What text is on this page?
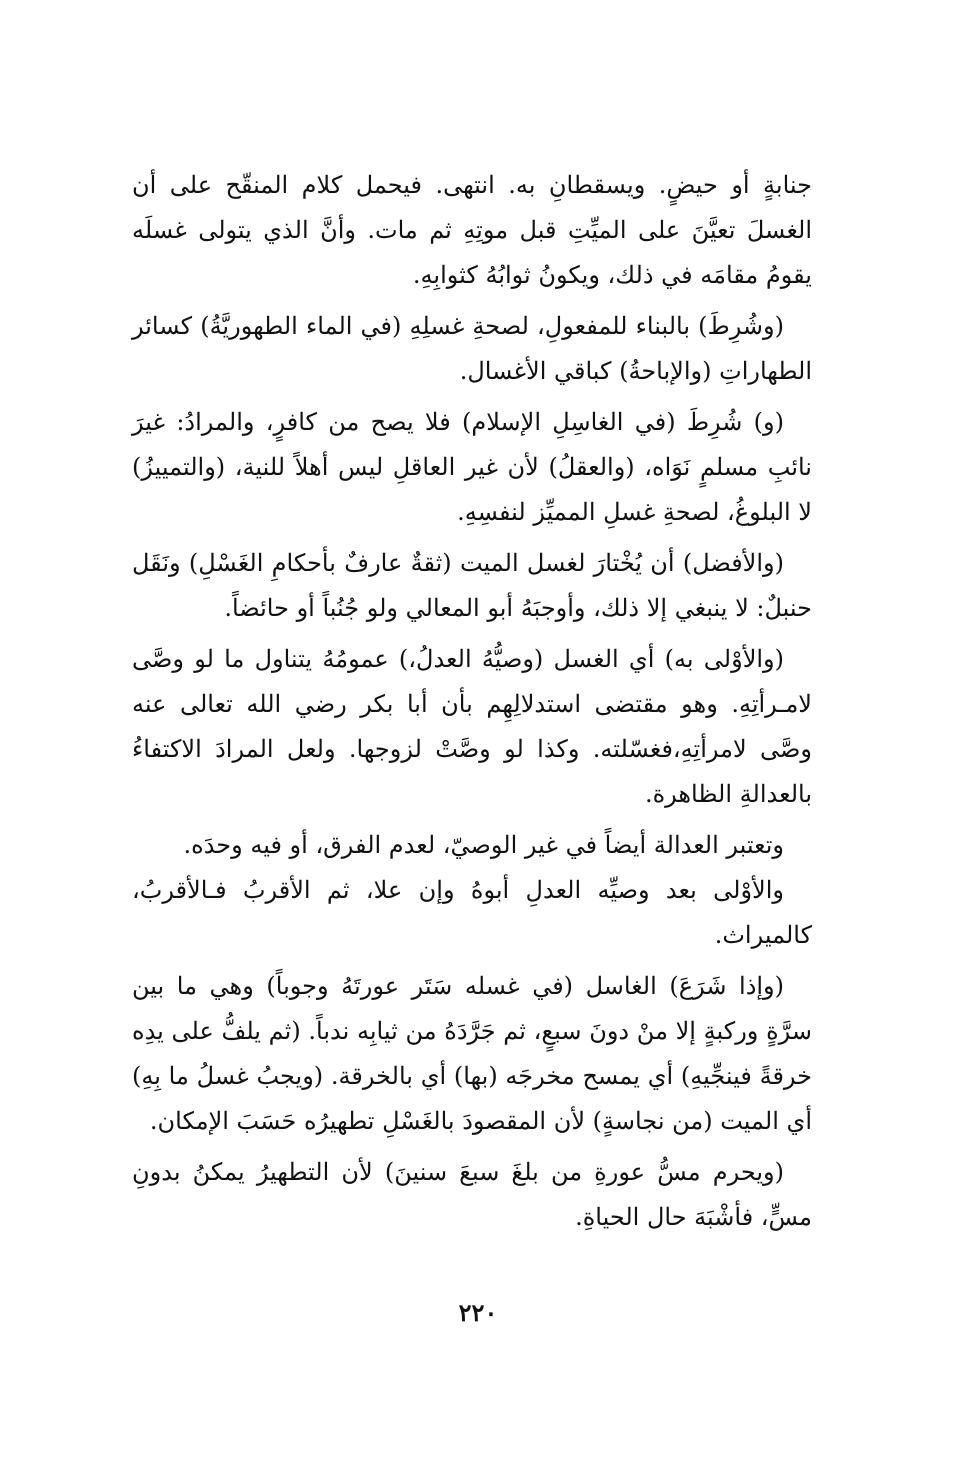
جنابةٍ أو حيضٍ. ويسقطانِ به. انتهى. فيحمل كلام المنقّح على أن الغسلَ تعيَّنَ على الميِّتِ قبل موتِهِ ثم مات. وأنَّ الذي يتولى غسلَه يقومُ مقامَه في ذلك، ويكونُ ثوابُهُ كثوابِهِ.

(وشُرِطَ) بالبناء للمفعولِ، لصحةِ غسلِهِ (في الماء الطهوريَّةُ) كسائر الطهاراتِ (والإباحةُ) كباقي الأغسال.

(و) شُرِطَ (في الغاسِلِ الإسلام) فلا يصح من كافرٍ، والمرادُ: غيرَ نائبِ مسلمٍ نَوَاه، (والعقلُ) لأن غير العاقلِ ليس أهلاً للنية، (والتمييزُ) لا البلوغُ، لصحةِ غسلِ المميِّز لنفسِهِ.

(والأفضل) أن يُخْتارَ لغسل الميت (ثقةٌ عارفٌ بأحكامِ الغَسْلِ) ونَقَل حنبلٌ: لا ينبغي إلا ذلك، وأوجبَهُ أبو المعالي ولو جُنُباً أو حائضاً.

(والأوْلى به) أي الغسل (وصيُّهُ العدلُ،) عمومُهُ يتناول ما لو وصَّى لامـرأتِهِ. وهو مقتضى استدلالِهِم بأن أبا بكر رضي الله تعالى عنه وصَّى لامرأتِهِ،فغسّلته. وكذا لو وصَّتْ لزوجها. ولعل المرادَ الاكتفاءُ بالعدالةِ الظاهرة.

وتعتبر العدالة أيضاً في غير الوصيّ، لعدم الفرق، أو فيه وحدَه.

والأوْلى بعد وصيِّه العدلِ أبوهُ وإن علا، ثم الأقربُ فـالأقربُ، كالميراث.

(وإذا شَرَعَ) الغاسل (في غسله سَتَر عورتَهُ وجوباً) وهي ما بين سرَّةٍ وركبةٍ إلا منْ دونَ سبعٍ، ثم جَرَّدَهُ من ثيابِه ندباً. (ثم يلفُّ على يدِه خرقةً فينجِّيهِ) أي يمسح مخرجَه (بها) أي بالخرقة. (ويجبُ غسلُ ما بِهِ) أي الميت (من نجاسةٍ) لأن المقصودَ بالغَسْلِ تطهيرُه حَسَبَ الإمكان.

(ويحرم مسُّ عورةِ من بلغَ سبعَ سنينَ) لأن التطهيرُ يمكنُ بدونِ مسٍّ، فأشْبَهَ حال الحياةِ.

٢٢٠
